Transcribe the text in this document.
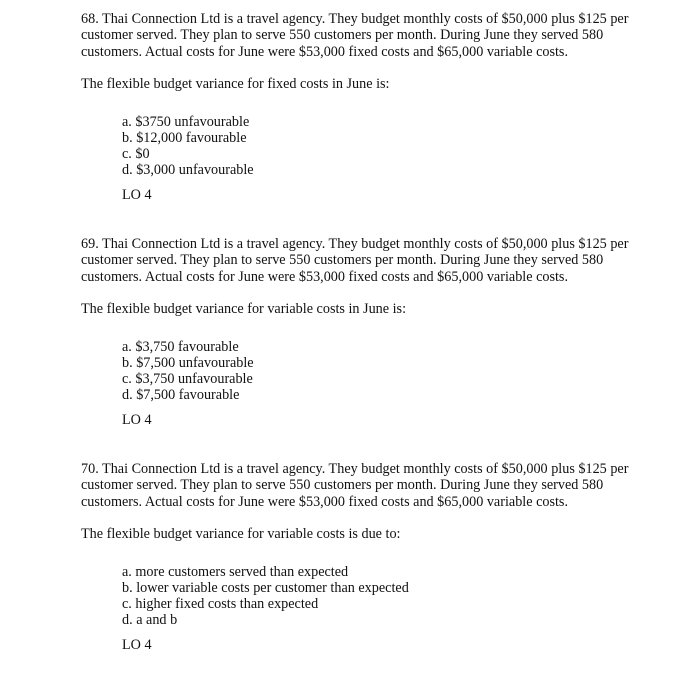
68. Thai Connection Ltd is a travel agency. They budget monthly costs of $50,000 plus $125 per

customer served. They plan to serve 550 customers per month. During June they served 580

customers. Actual costs for June were $53,000 fixed costs and $65,000 variable costs.

The flexible budget variance for fixed costs in June is:

a. $3750 unfavourable
b. $12,000 favourable
c. $0
d. $3,000 unfavourable

LO 4

69. Thai Connection Ltd is a travel agency. They budget monthly costs of $50,000 plus $125 per

customer served. They plan to serve 550 customers per month. During June they served 580

customers. Actual costs for June were $53,000 fixed costs and $65,000 variable costs.

The flexible budget variance for variable costs in June is:

a. $3,750 favourable
b. $7,500 unfavourable
c. $3,750 unfavourable
d. $7,500 favourable

LO 4

70. Thai Connection Ltd is a travel agency. They budget monthly costs of $50,000 plus $125 per

customer served. They plan to serve 550 customers per month. During June they served 580

customers. Actual costs for June were $53,000 fixed costs and $65,000 variable costs.

The flexible budget variance for variable costs is due to:

a. more customers served than expected
b. lower variable costs per customer than expected
c. higher fixed costs than expected
d. a and b

LO 4
